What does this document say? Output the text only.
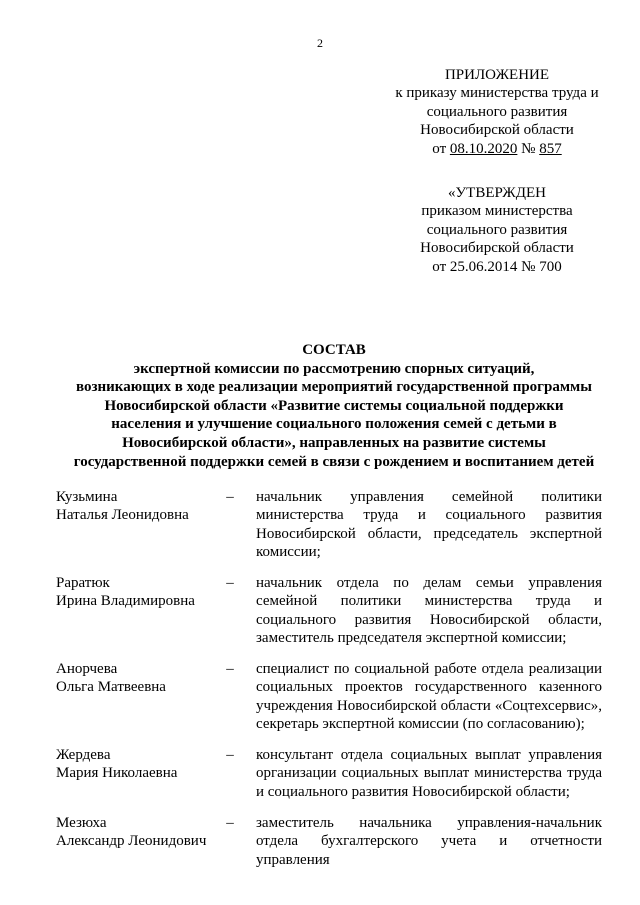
2
ПРИЛОЖЕНИЕ
к приказу министерства труда и
социального развития
Новосибирской области
от 08.10.2020 № 857
«УТВЕРЖДЕН
приказом министерства
социального развития
Новосибирской области
от 25.06.2014 № 700
СОСТАВ
экспертной комиссии по рассмотрению спорных ситуаций,
возникающих в ходе реализации мероприятий государственной программы
Новосибирской области «Развитие системы социальной поддержки
населения и улучшение социального положения семей с детьми в
Новосибирской области», направленных на развитие системы
государственной поддержки семей в связи с рождением и воспитанием детей
Кузьмина
Наталья Леонидовна
–	начальник управления семейной политики министерства труда и социального развития Новосибирской области, председатель экспертной комиссии;
Раратюк
Ирина Владимировна
–	начальник отдела по делам семьи управления семейной политики министерства труда и социального развития Новосибирской области, заместитель председателя экспертной комиссии;
Анорчева
Ольга Матвеевна
–	специалист по социальной работе отдела реализации социальных проектов государственного казенного учреждения Новосибирской области «Соцтехсервис», секретарь экспертной комиссии (по согласованию);
Жердева
Мария Николаевна
–	консультант отдела социальных выплат управления организации социальных выплат министерства труда и социального развития Новосибирской области;
Мезюха
Александр Леонидович
–	заместитель начальника управления-начальник отдела бухгалтерского учета и отчетности управления
